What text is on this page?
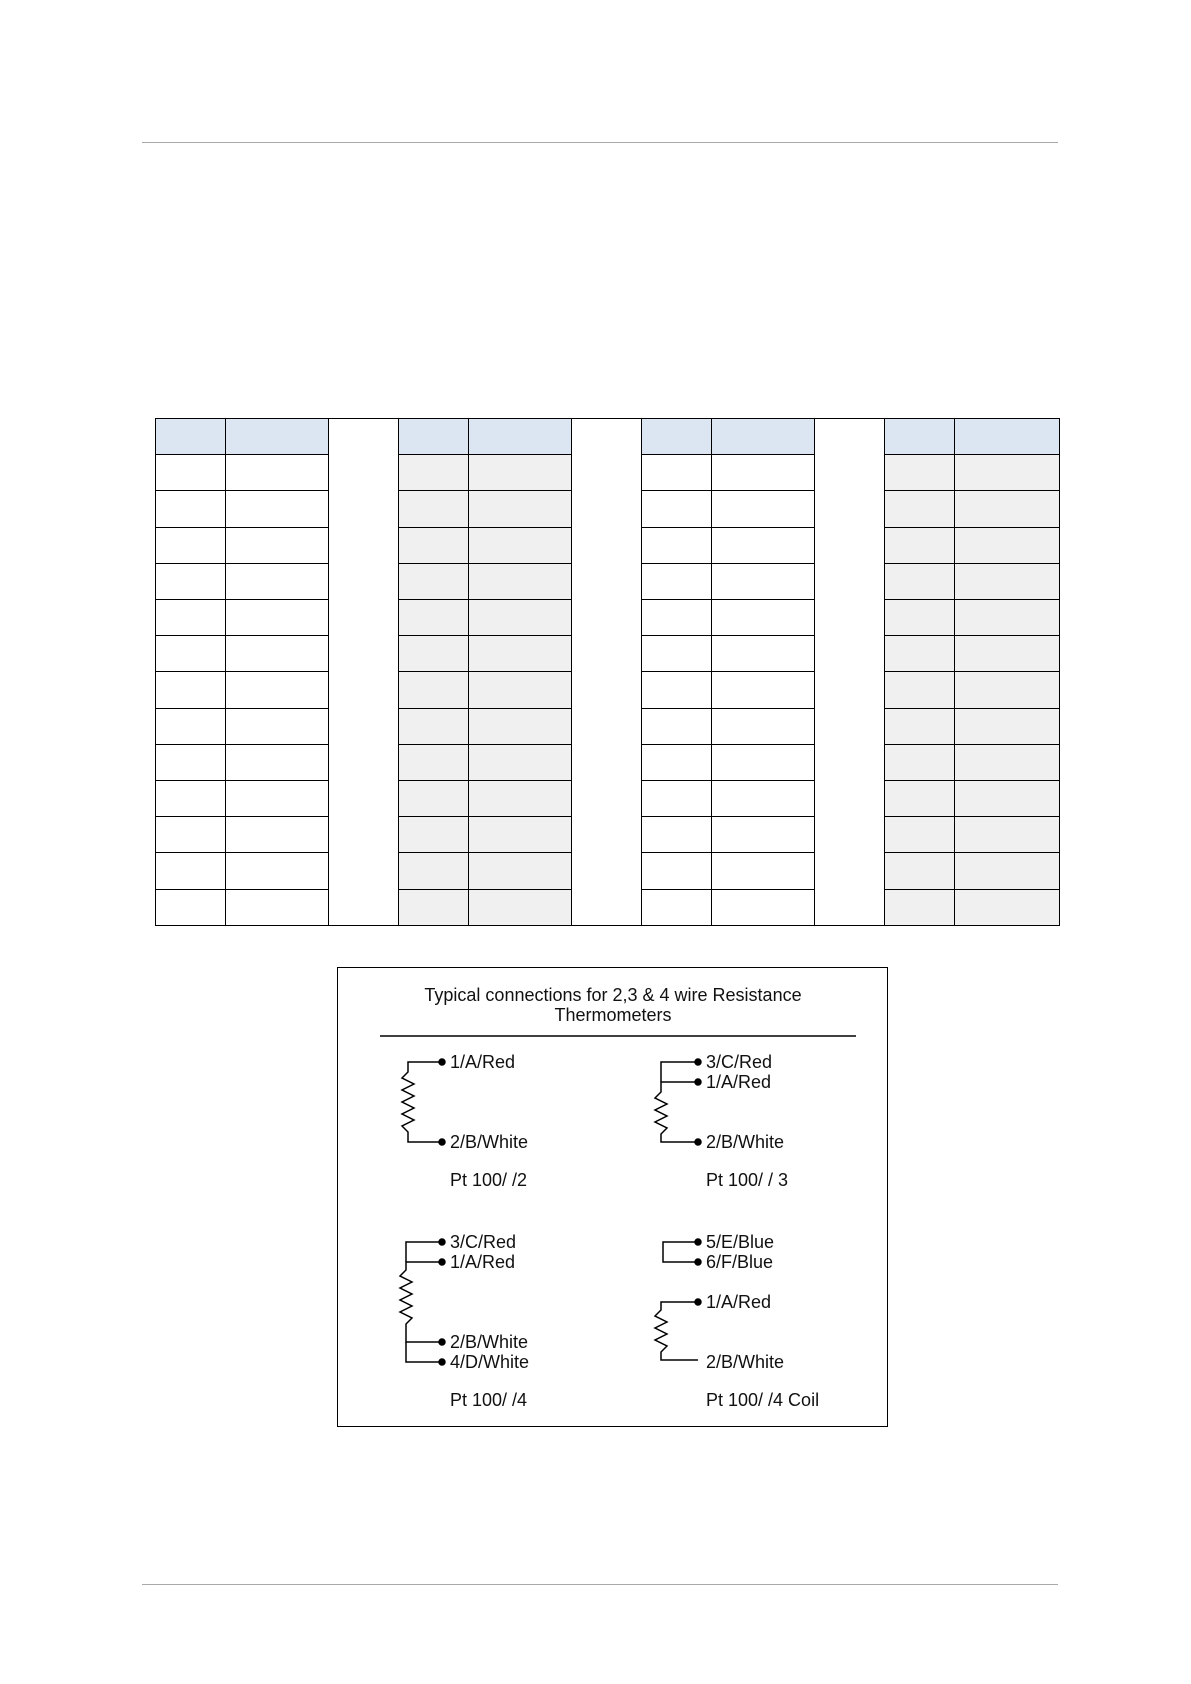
Typical connections for 2,3 & 4 wire Resistance
Thermometers
1/A/Red
2/B/White
Pt 100/ /2
3/C/Red
1/A/Red
2/B/White
Pt 100/ / 3
3/C/Red
1/A/Red
2/B/White
4/D/White
Pt 100/ /4
5/E/Blue
6/F/Blue
1/A/Red
2/B/White
Pt 100/ /4 Coil
